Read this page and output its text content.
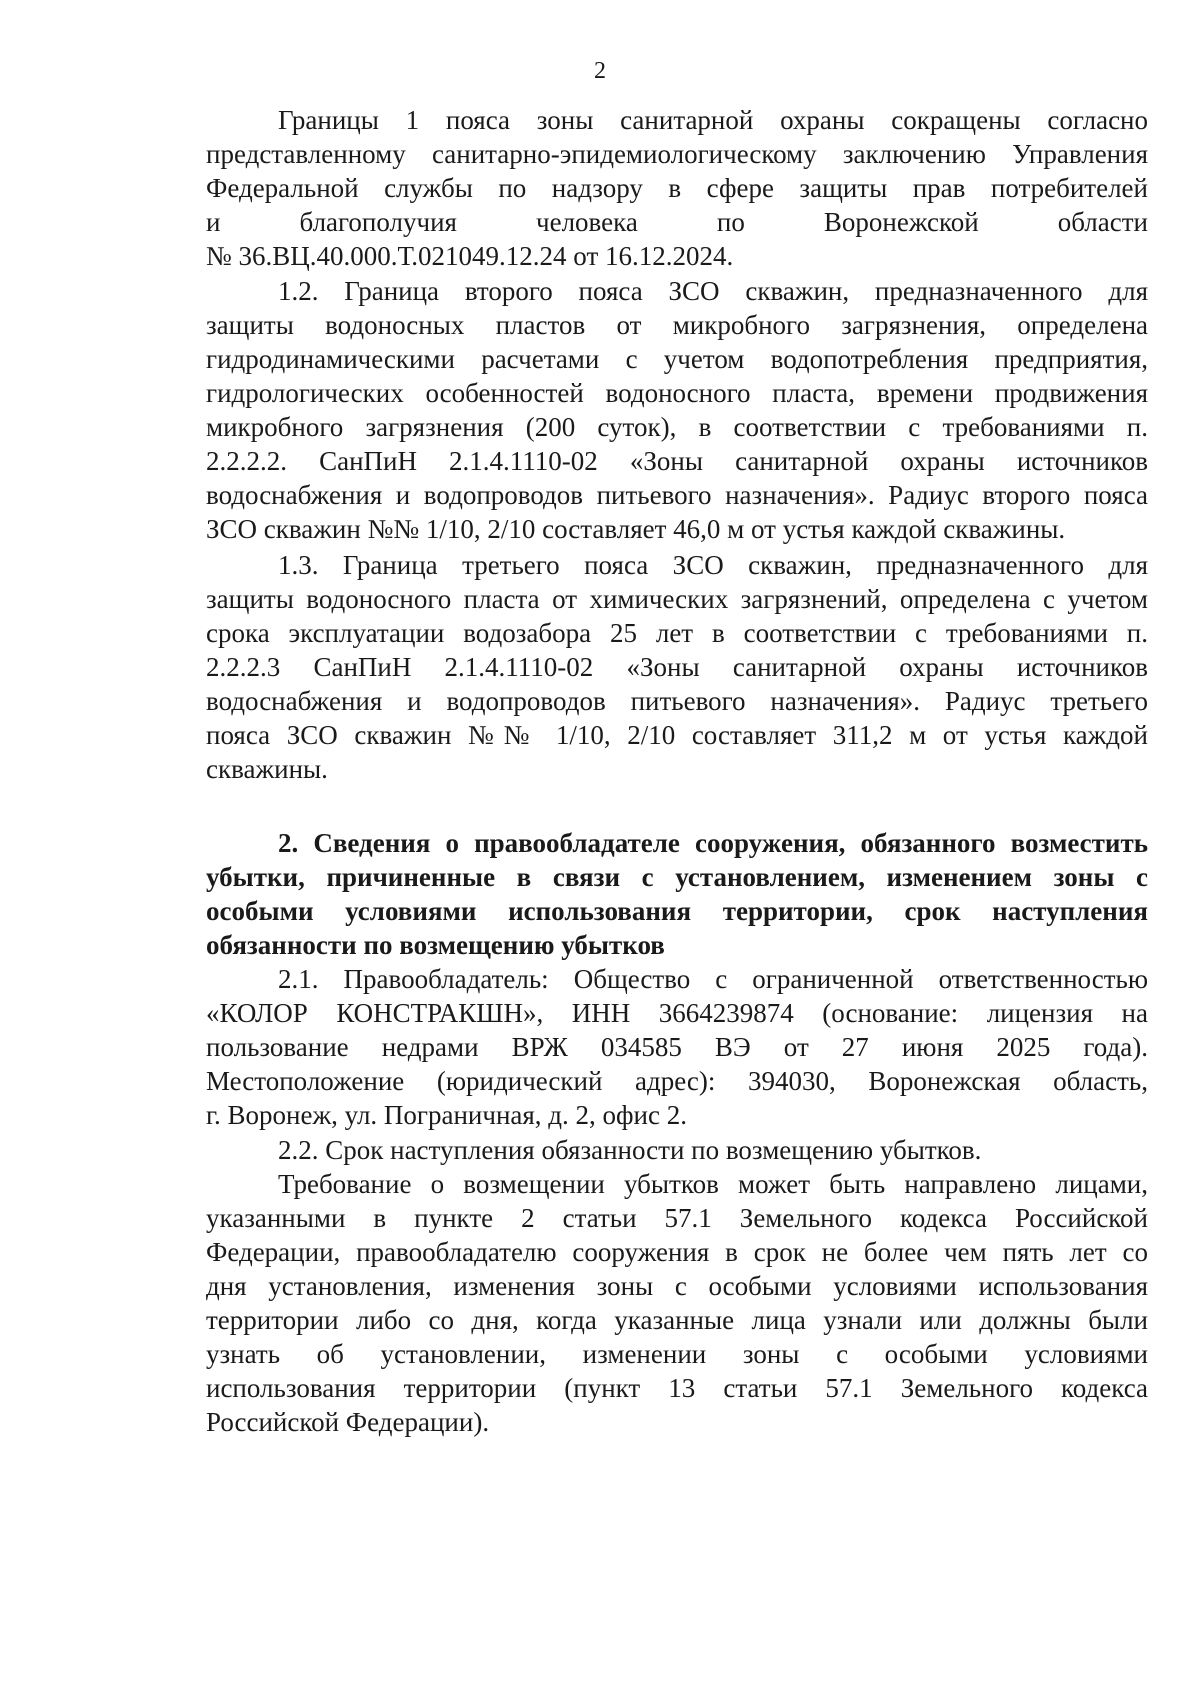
2
Границы 1 пояса зоны санитарной охраны сокращены согласно
представленному санитарно-эпидемиологическому заключению Управления
Федеральной службы по надзору в сфере защиты прав потребителей
и благополучия человека по Воронежской области
№ 36.ВЦ.40.000.Т.021049.12.24 от 16.12.2024.
1.2. Граница второго пояса ЗСО скважин, предназначенного для
защиты водоносных пластов от микробного загрязнения, определена
гидродинамическими расчетами с учетом водопотребления предприятия,
гидрологических особенностей водоносного пласта, времени продвижения
микробного загрязнения (200 суток), в соответствии с требованиями п.
2.2.2.2. СанПиН 2.1.4.1110-02 «Зоны санитарной охраны источников
водоснабжения и водопроводов питьевого назначения». Радиус второго пояса
ЗСО скважин №№ 1/10, 2/10 составляет 46,0 м от устья каждой скважины.
1.3. Граница третьего пояса ЗСО скважин, предназначенного для
защиты водоносного пласта от химических загрязнений, определена с учетом
срока эксплуатации водозабора 25 лет в соответствии с требованиями п.
2.2.2.3 СанПиН 2.1.4.1110-02 «Зоны санитарной охраны источников
водоснабжения и водопроводов питьевого назначения». Радиус третьего
пояса ЗСО скважин №№ 1/10, 2/10 составляет 311,2 м от устья каждой
скважины.
2. Сведения о правообладателе сооружения, обязанного возместить
убытки, причиненные в связи с установлением, изменением зоны с
особыми условиями использования территории, срок наступления
обязанности по возмещению убытков
2.1. Правообладатель: Общество с ограниченной ответственностью
«КОЛОР КОНСТРАКШН», ИНН 3664239874 (основание: лицензия на
пользование недрами ВРЖ 034585 ВЭ от 27 июня 2025 года).
Местоположение (юридический адрес): 394030, Воронежская область,
г. Воронеж, ул. Пограничная, д. 2, офис 2.
2.2. Срок наступления обязанности по возмещению убытков.
Требование о возмещении убытков может быть направлено лицами,
указанными в пункте 2 статьи 57.1 Земельного кодекса Российской
Федерации, правообладателю сооружения в срок не более чем пять лет со
дня установления, изменения зоны с особыми условиями использования
территории либо со дня, когда указанные лица узнали или должны были
узнать об установлении, изменении зоны с особыми условиями
использования территории (пункт 13 статьи 57.1 Земельного кодекса
Российской Федерации).
